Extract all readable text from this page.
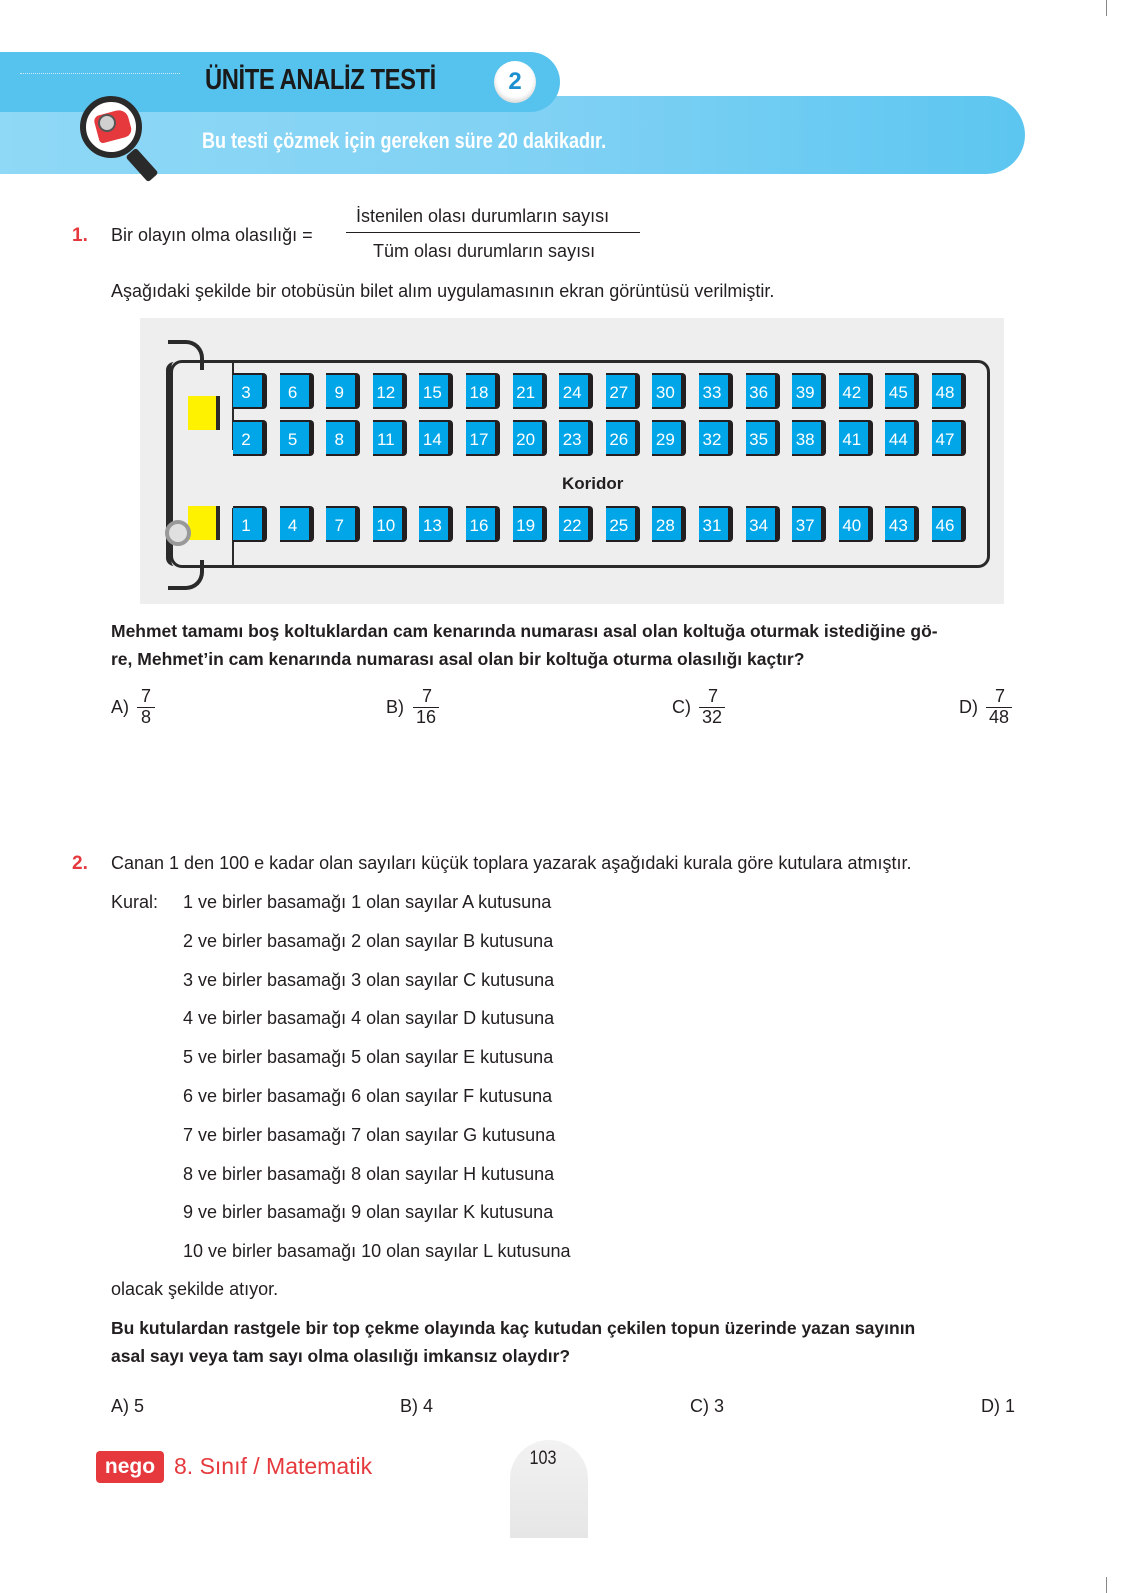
ÜNİTE ANALİZ TESTİ	2
Bu testi çözmek için gereken süre 20 dakikadır.
1. Bir olayın olma olasılığı =
İstenilen olası durumların sayısı
Tüm olası durumların sayısı
Aşağıdaki şekilde bir otobüsün bilet alım uygulamasının ekran görüntüsü verilmiştir.
Koridor
3	6	9	12	15	18	21	24	27	30	33	36	39	42	45	48
2	5	8	11	14	17	20	23	26	29	32	35	38	41	44	47
1	4	7	10	13	16	19	22	25	28	31	34	37	40	43	46
Mehmet tamamı boş koltuklardan cam kenarında numarası asal olan koltuğa oturmak istediğine gö-
re, Mehmet’in cam kenarında numarası asal olan bir koltuğa oturma olasılığı kaçtır?
A)
7
8	B)
7
16	C)
7
32	D)
7
48
2. Canan 1 den 100 e kadar olan sayıları küçük toplara yazarak aşağıdaki kurala göre kutulara atmıştır.
Kural: 1 ve birler basamağı 1 olan sayılar A kutusuna
2 ve birler basamağı 2 olan sayılar B kutusuna
3 ve birler basamağı 3 olan sayılar C kutusuna
4 ve birler basamağı 4 olan sayılar D kutusuna
5 ve birler basamağı 5 olan sayılar E kutusuna
6 ve birler basamağı 6 olan sayılar F kutusuna
7 ve birler basamağı 7 olan sayılar G kutusuna
8 ve birler basamağı 8 olan sayılar H kutusuna
9 ve birler basamağı 9 olan sayılar K kutusuna
10 ve birler basamağı 10 olan sayılar L kutusuna
olacak şekilde atıyor.
Bu kutulardan rastgele bir top çekme olayında kaç kutudan çekilen topun üzerinde yazan sayının
asal sayı veya tam sayı olma olasılığı imkansız olaydır?
A) 5	B) 4	C) 3	D) 1
nego 8. Sınıf / Matematik	103
